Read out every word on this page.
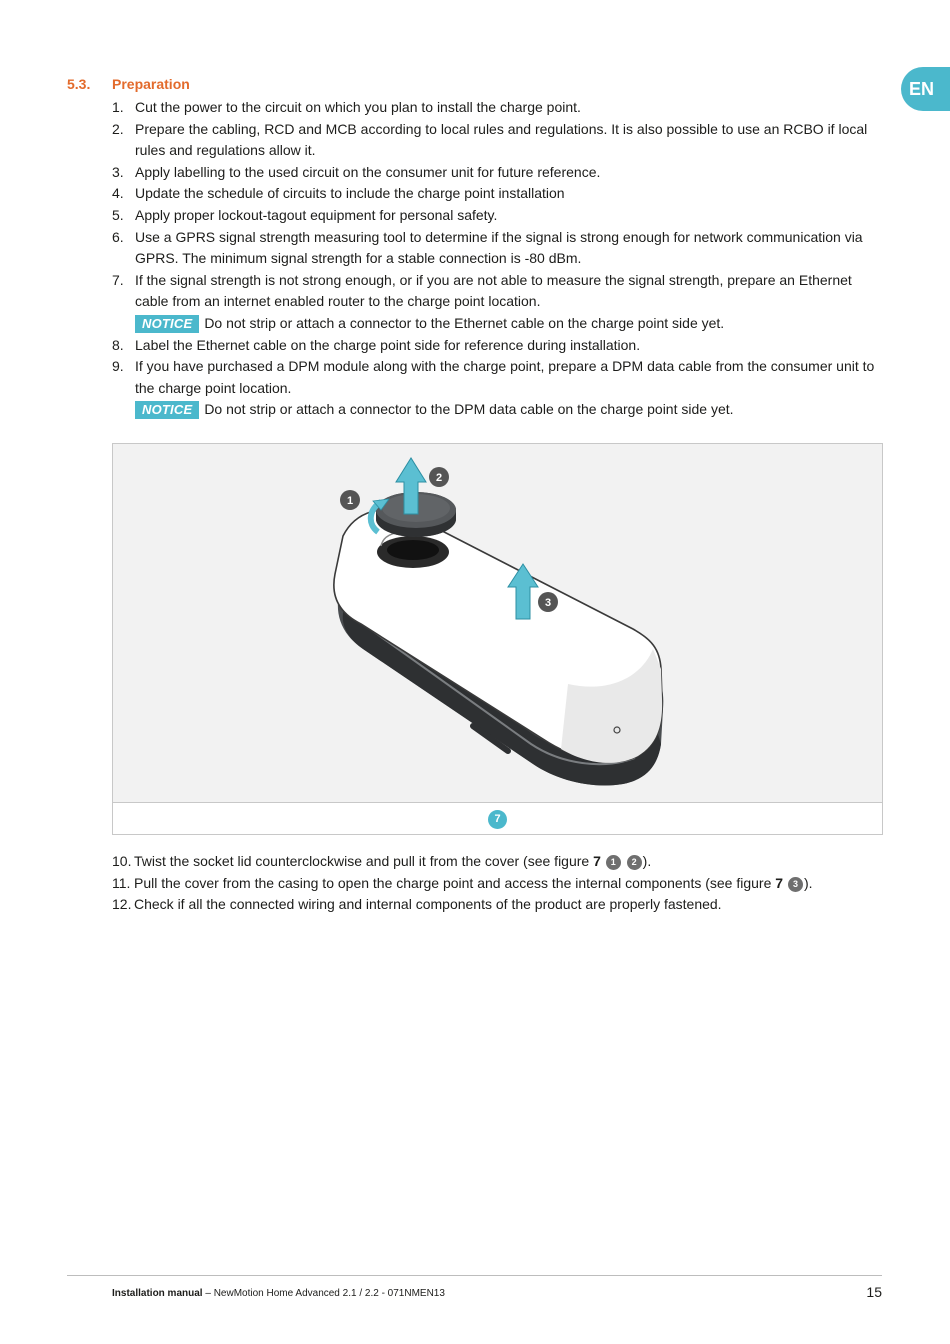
EN
5.3. Preparation
1. Cut the power to the circuit on which you plan to install the charge point.
2. Prepare the cabling, RCD and MCB according to local rules and regulations. It is also possible to use an RCBO if local rules and regulations allow it.
3. Apply labelling to the used circuit on the consumer unit for future reference.
4. Update the schedule of circuits to include the charge point installation
5. Apply proper lockout-tagout equipment for personal safety.
6. Use a GPRS signal strength measuring tool to determine if the signal is strong enough for network communication via GPRS. The minimum signal strength for a stable connection is -80 dBm.
7. If the signal strength is not strong enough, or if you are not able to measure the signal strength, prepare an Ethernet cable from an internet enabled router to the charge point location.
NOTICE Do not strip or attach a connector to the Ethernet cable on the charge point side yet.
8. Label the Ethernet cable on the charge point side for reference during installation.
9. If you have purchased a DPM module along with the charge point, prepare a DPM data cable from the consumer unit to the charge point location.
NOTICE Do not strip or attach a connector to the DPM data cable on the charge point side yet.
1
2
3
7
10. Twist the socket lid counterclockwise and pull it from the cover (see figure 7 1 2 ).
11. Pull the cover from the casing to open the charge point and access the internal components (see figure 7 3 ).
12. Check if all the connected wiring and internal components of the product are properly fastened.
Installation manual – NewMotion Home Advanced 2.1 / 2.2 - 071NMEN13	15
